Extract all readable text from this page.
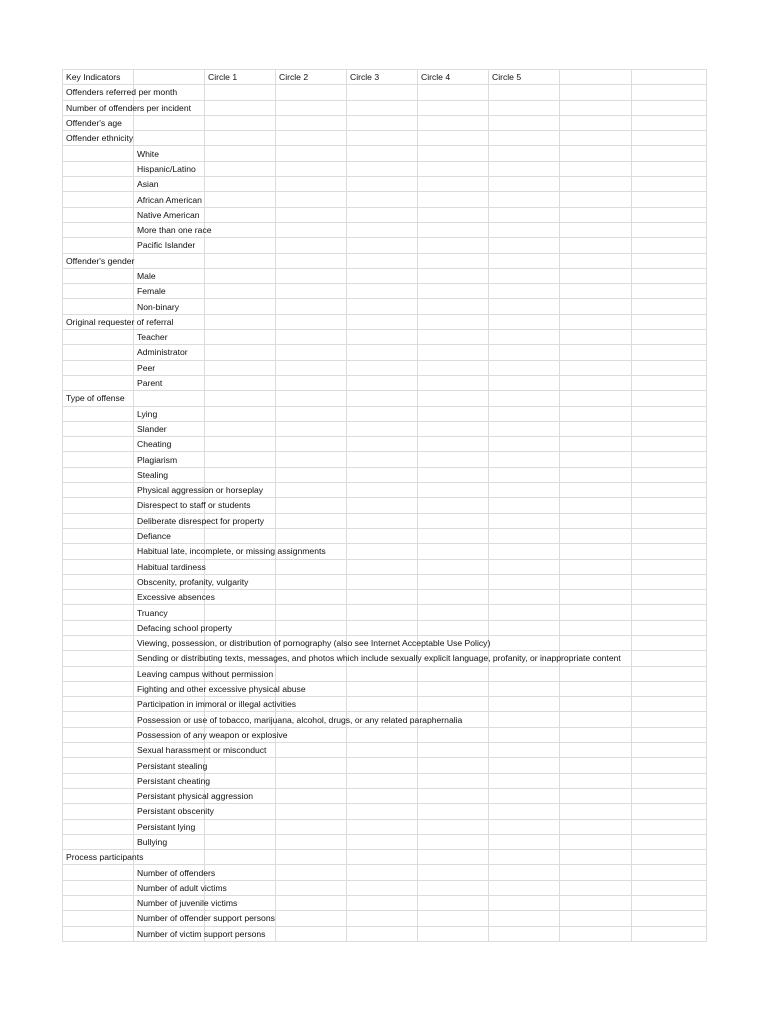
Key Indicators		Circle 1	Circle 2	Circle 3	Circle 4	Circle 5		
Offenders referred per month								
Number of offenders per incident								
Offender's age								
Offender ethnicity								
	White							
	Hispanic/Latino							
	Asian							
	African American							
	Native American							
	More than one race							
	Pacific Islander							
Offender's gender								
	Male							
	Female							
	Non-binary							
Original requester of referral								
	Teacher							
	Administrator							
	Peer							
	Parent							
Type of offense								
	Lying							
	Slander							
	Cheating							
	Plagiarism							
	Stealing							
	Physical aggression or horseplay							
	Disrespect to staff or students							
	Deliberate disrespect for property							
	Defiance							
	Habitual late, incomplete, or missing assignments							
	Habitual tardiness							
	Obscenity, profanity, vulgarity							
	Excessive absences							
	Truancy							
	Defacing school property							
	Viewing, possession, or distribution of pornography (also see Internet Acceptable Use Policy)							
	Sending or distributing texts, messages, and photos which include sexually explicit language, profanity, or inappropriate content							
	Leaving campus without permission							
	Fighting and other excessive physical abuse							
	Participation in immoral or illegal activities							
	Possession or use of tobacco, marijuana, alcohol, drugs, or any related paraphernalia							
	Possession of any weapon or explosive							
	Sexual harassment or misconduct							
	Persistant stealing							
	Persistant cheating							
	Persistant physical aggression							
	Persistant obscenity							
	Persistant lying							
	Bullying							
Process participants								
	Number of offenders							
	Number of adult victims							
	Number of juvenile victims							
	Number of offender support persons							
	Number of victim support persons							
